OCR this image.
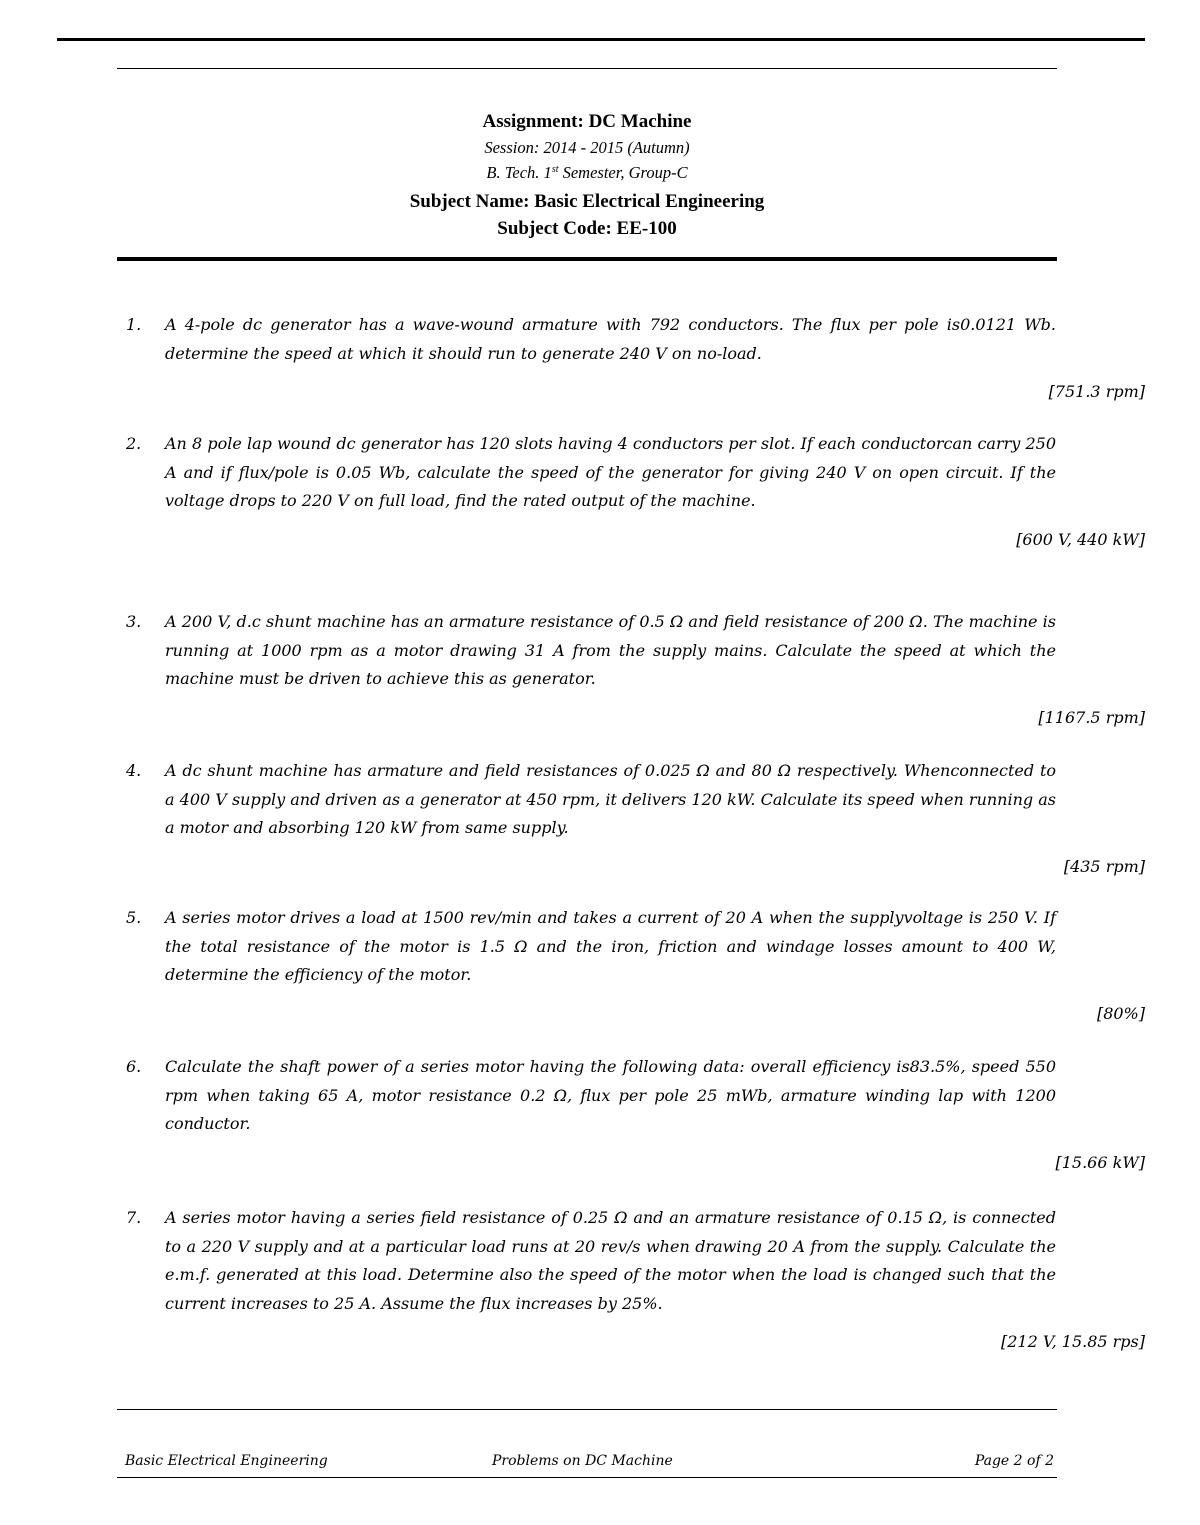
Assignment: DC Machine
Session: 2014 - 2015 (Autumn)
B. Tech. 1st Semester, Group-C
Subject Name: Basic Electrical Engineering
Subject Code: EE-100
1. A 4-pole dc generator has a wave-wound armature with 792 conductors. The flux per pole is0.0121 Wb. determine the speed at which it should run to generate 240 V on no-load.
[751.3 rpm]
2. An 8 pole lap wound dc generator has 120 slots having 4 conductors per slot. If each conductorcan carry 250 A and if flux/pole is 0.05 Wb, calculate the speed of the generator for giving 240 V on open circuit. If the voltage drops to 220 V on full load, find the rated output of the machine.
[600 V, 440 kW]
3. A 200 V, d.c shunt machine has an armature resistance of 0.5 Ω and field resistance of 200 Ω. The machine is running at 1000 rpm as a motor drawing 31 A from the supply mains. Calculate the speed at which the machine must be driven to achieve this as generator.
[1167.5 rpm]
4. A dc shunt machine has armature and field resistances of 0.025 Ω and 80 Ω respectively. Whenconnected to a 400 V supply and driven as a generator at 450 rpm, it delivers 120 kW. Calculate its speed when running as a motor and absorbing 120 kW from same supply.
[435 rpm]
5. A series motor drives a load at 1500 rev/min and takes a current of 20 A when the supplyvoltage is 250 V. If the total resistance of the motor is 1.5 Ω and the iron, friction and windage losses amount to 400 W, determine the efficiency of the motor.
[80%]
6. Calculate the shaft power of a series motor having the following data: overall efficiency is83.5%, speed 550 rpm when taking 65 A, motor resistance 0.2 Ω, flux per pole 25 mWb, armature winding lap with 1200 conductor.
[15.66 kW]
7. A series motor having a series field resistance of 0.25 Ω and an armature resistance of 0.15 Ω, is connected to a 220 V supply and at a particular load runs at 20 rev/s when drawing 20 A from the supply. Calculate the e.m.f. generated at this load. Determine also the speed of the motor when the load is changed such that the current increases to 25 A. Assume the flux increases by 25%.
[212 V, 15.85 rps]
Basic Electrical Engineering	Problems on DC Machine	Page 2 of 2
